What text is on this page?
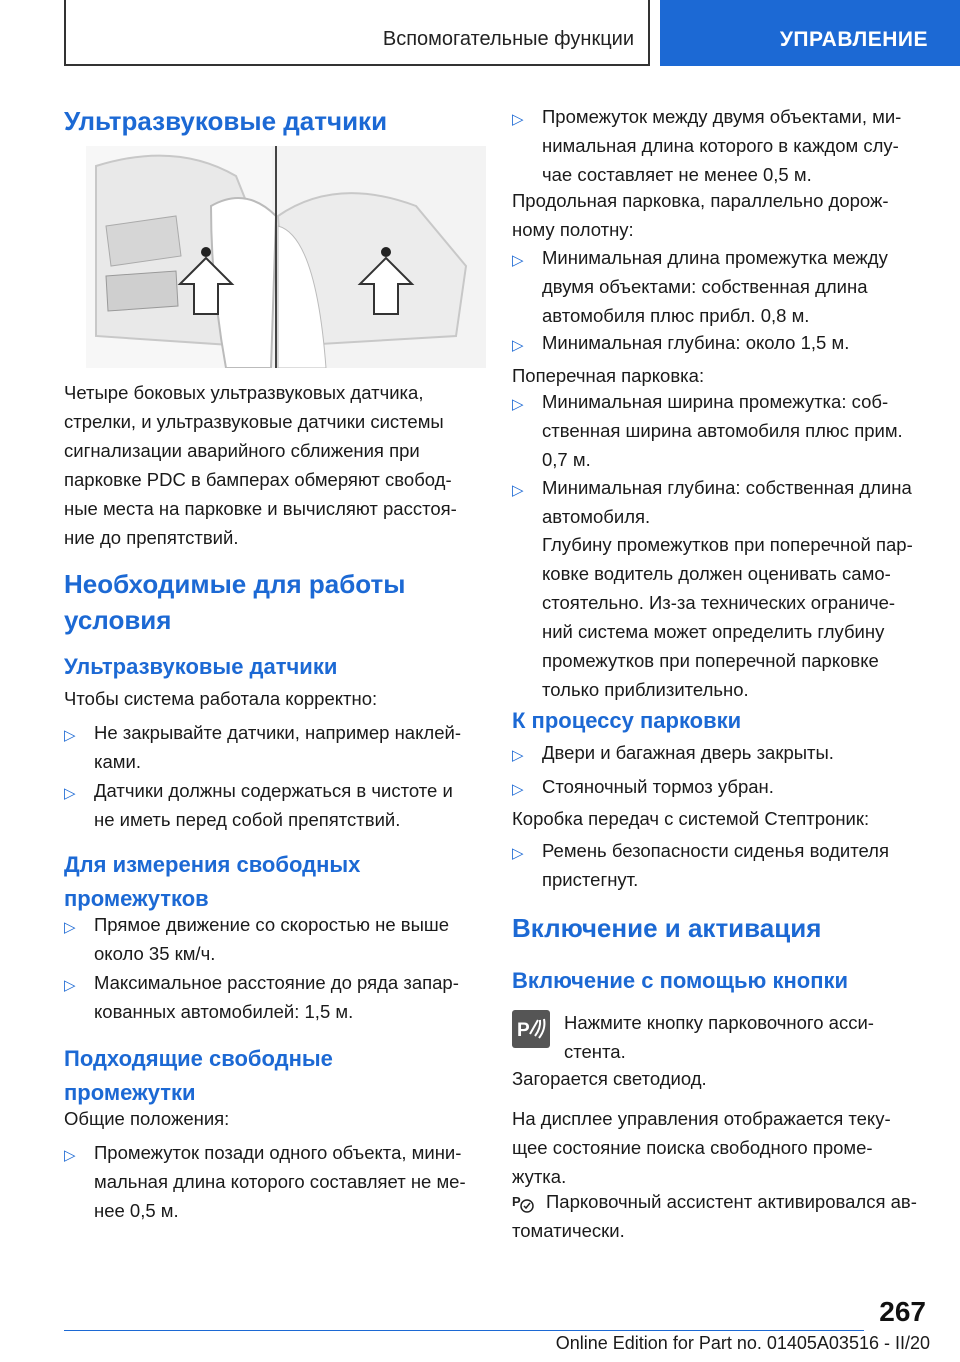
Вспомогательные функции	УПРАВЛЕНИЕ
Ультразвуковые датчики
Четыре боковых ультразвуковых датчика,
стрелки, и ультразвуковые датчики системы
сигнализации аварийного сближения при
парковке PDC в бамперах обмеряют свобод‐
ные места на парковке и вычисляют расстоя‐
ние до препятствий.
Необходимые для работы
условия
Ультразвуковые датчики
Чтобы система работала корректно:
▷ Не закрывайте датчики, например наклей‐
ками.
▷ Датчики должны содержаться в чистоте и
не иметь перед собой препятствий.
Для измерения свободных
промежутков
▷ Прямое движение со скоростью не выше
около 35 км/ч.
▷ Максимальное расстояние до ряда запар‐
кованных автомобилей: 1,5 м.
Подходящие свободные
промежутки
Общие положения:
▷ Промежуток позади одного объекта, мини‐
мальная длина которого составляет не ме‐
нее 0,5 м.
▷ Промежуток между двумя объектами, ми‐
нимальная длина которого в каждом слу‐
чае составляет не менее 0,5 м.
Продольная парковка, параллельно дорож‐
ному полотну:
▷ Минимальная длина промежутка между
двумя объектами: собственная длина
автомобиля плюс прибл. 0,8 м.
▷ Минимальная глубина: около 1,5 м.
Поперечная парковка:
▷ Минимальная ширина промежутка: соб‐
ственная ширина автомобиля плюс прим.
0,7 м.
▷ Минимальная глубина: собственная длина
автомобиля.
Глубину промежутков при поперечной пар‐
ковке водитель должен оценивать само‐
стоятельно. Из-за технических ограниче‐
ний система может определить глубину
промежутков при поперечной парковке
только приблизительно.
К процессу парковки
▷ Двери и багажная дверь закрыты.
▷ Стояночный тормоз убран.
Коробка передач с системой Стептроник:
▷ Ремень безопасности сиденья водителя
пристегнут.
Включение и активация
Включение с помощью кнопки
P Нажмите кнопку парковочного асси‐
стента.
Загорается светодиод.
На дисплее управления отображается теку‐
щее состояние поиска свободного проме‐
жутка.
P	Парковочный ассистент активировался ав‐
томатически.
267
Online Edition for Part no. 01405A03516 - II/20
